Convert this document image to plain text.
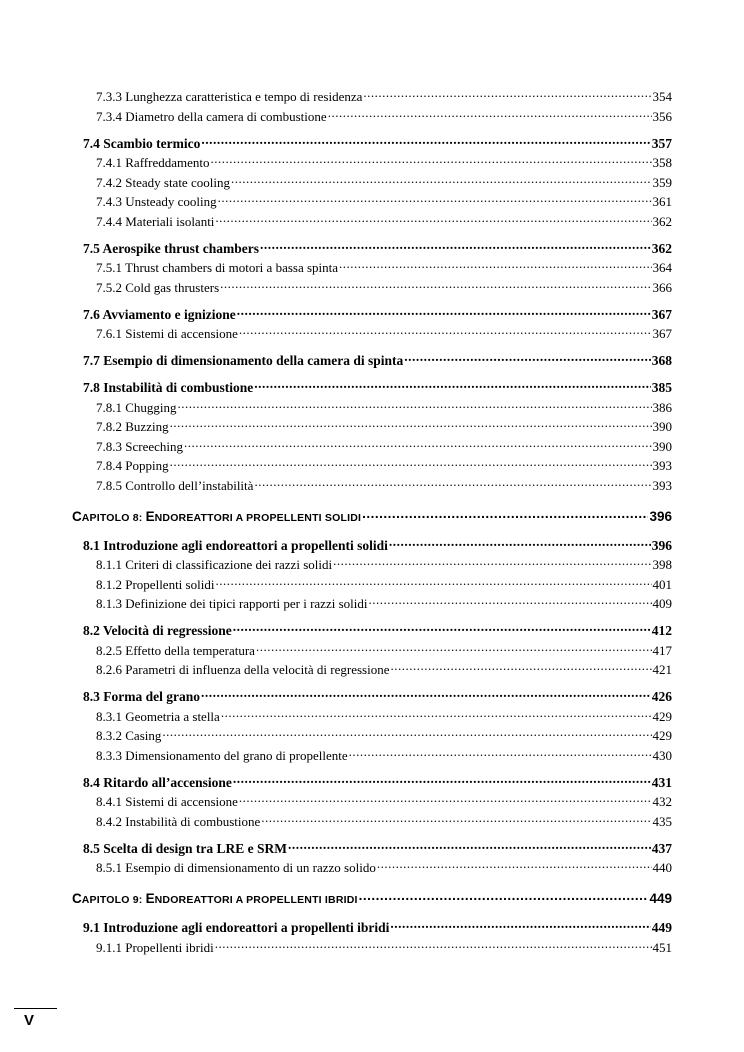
7.3.3 Lunghezza caratteristica e tempo di residenza .....	354
7.3.4 Diametro della camera di combustione .....	356
7.4 Scambio termico .....	357
7.4.1 Raffreddamento .....	358
7.4.2 Steady state cooling .....	359
7.4.3 Unsteady cooling .....	361
7.4.4 Materiali isolanti .....	362
7.5 Aerospike thrust chambers .....	362
7.5.1 Thrust chambers di motori a bassa spinta .....	364
7.5.2 Cold gas thrusters .....	366
7.6 Avviamento e ignizione .....	367
7.6.1 Sistemi di accensione .....	367
7.7 Esempio di dimensionamento della camera di spinta .....	368
7.8 Instabilità di combustione .....	385
7.8.1 Chugging .....	386
7.8.2 Buzzing .....	390
7.8.3 Screeching .....	390
7.8.4 Popping .....	393
7.8.5 Controllo dell’instabilità .....	393
CAPITOLO 8: ENDOREATTORI A PROPELLENTI SOLIDI .....	396
8.1 Introduzione agli endoreattori a propellenti solidi .....	396
8.1.1 Criteri di classificazione dei razzi solidi .....	398
8.1.2 Propellenti solidi .....	401
8.1.3 Definizione dei tipici rapporti per i razzi solidi .....	409
8.2 Velocità di regressione .....	412
8.2.5 Effetto della temperatura .....	417
8.2.6 Parametri di influenza della velocità di regressione .....	421
8.3 Forma del grano .....	426
8.3.1 Geometria a stella .....	429
8.3.2 Casing .....	429
8.3.3 Dimensionamento del grano di propellente .....	430
8.4 Ritardo all’accensione .....	431
8.4.1 Sistemi di accensione .....	432
8.4.2 Instabilità di combustione .....	435
8.5 Scelta di design tra LRE e SRM .....	437
8.5.1 Esempio di dimensionamento di un razzo solido .....	440
CAPITOLO 9: ENDOREATTORI A PROPELLENTI IBRIDI .....	449
9.1 Introduzione agli endoreattori a propellenti ibridi .....	449
9.1.1 Propellenti ibridi .....	451
V
